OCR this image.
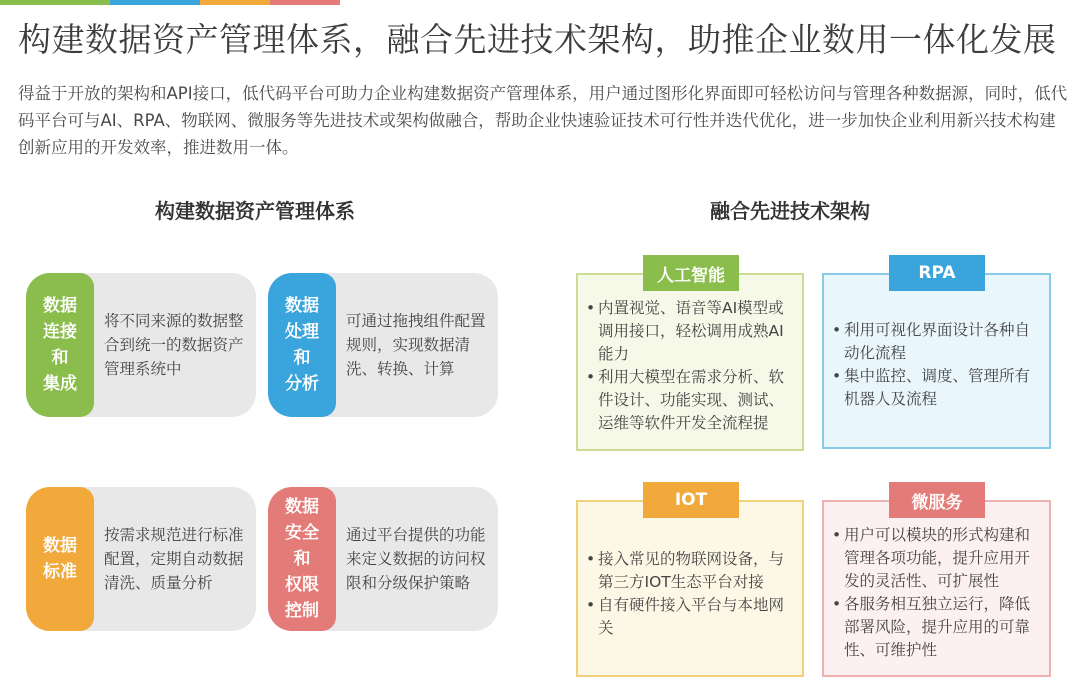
构建数据资产管理体系，融合先进技术架构，助推企业数用一体化发展
得益于开放的架构和API接口，低代码平台可助力企业构建数据资产管理体系，用户通过图形化界面即可轻松访问与管理各种数据源，同时，低代码平台可与AI、RPA、物联网、微服务等先进技术或架构做融合，帮助企业快速验证技术可行性并迭代优化，进一步加快企业利用新兴技术构建创新应用的开发效率，推进数用一体。
构建数据资产管理体系	融合先进技术架构
数据
连接
和
集成
将不同来源的数据整合到统一的数据资产管理系统中
数据
处理
和
分析
可通过拖拽组件配置规则，实现数据清洗、转换、计算
数据
标准
按需求规范进行标准配置，定期自动数据清洗、质量分析
数据
安全
和
权限
控制
通过平台提供的功能来定义数据的访问权限和分级保护策略
人工智能
• 内置视觉、语音等AI模型或调用接口，轻松调用成熟AI能力
• 利用大模型在需求分析、软件设计、功能实现、测试、运维等软件开发全流程提
RPA
• 利用可视化界面设计各种自动化流程
• 集中监控、调度、管理所有机器人及流程
IOT
• 接入常见的物联网设备，与第三方IOT生态平台对接
• 自有硬件接入平台与本地网关
微服务
• 用户可以模块的形式构建和管理各项功能，提升应用开发的灵活性、可扩展性
• 各服务相互独立运行，降低部署风险，提升应用的可靠性、可维护性
